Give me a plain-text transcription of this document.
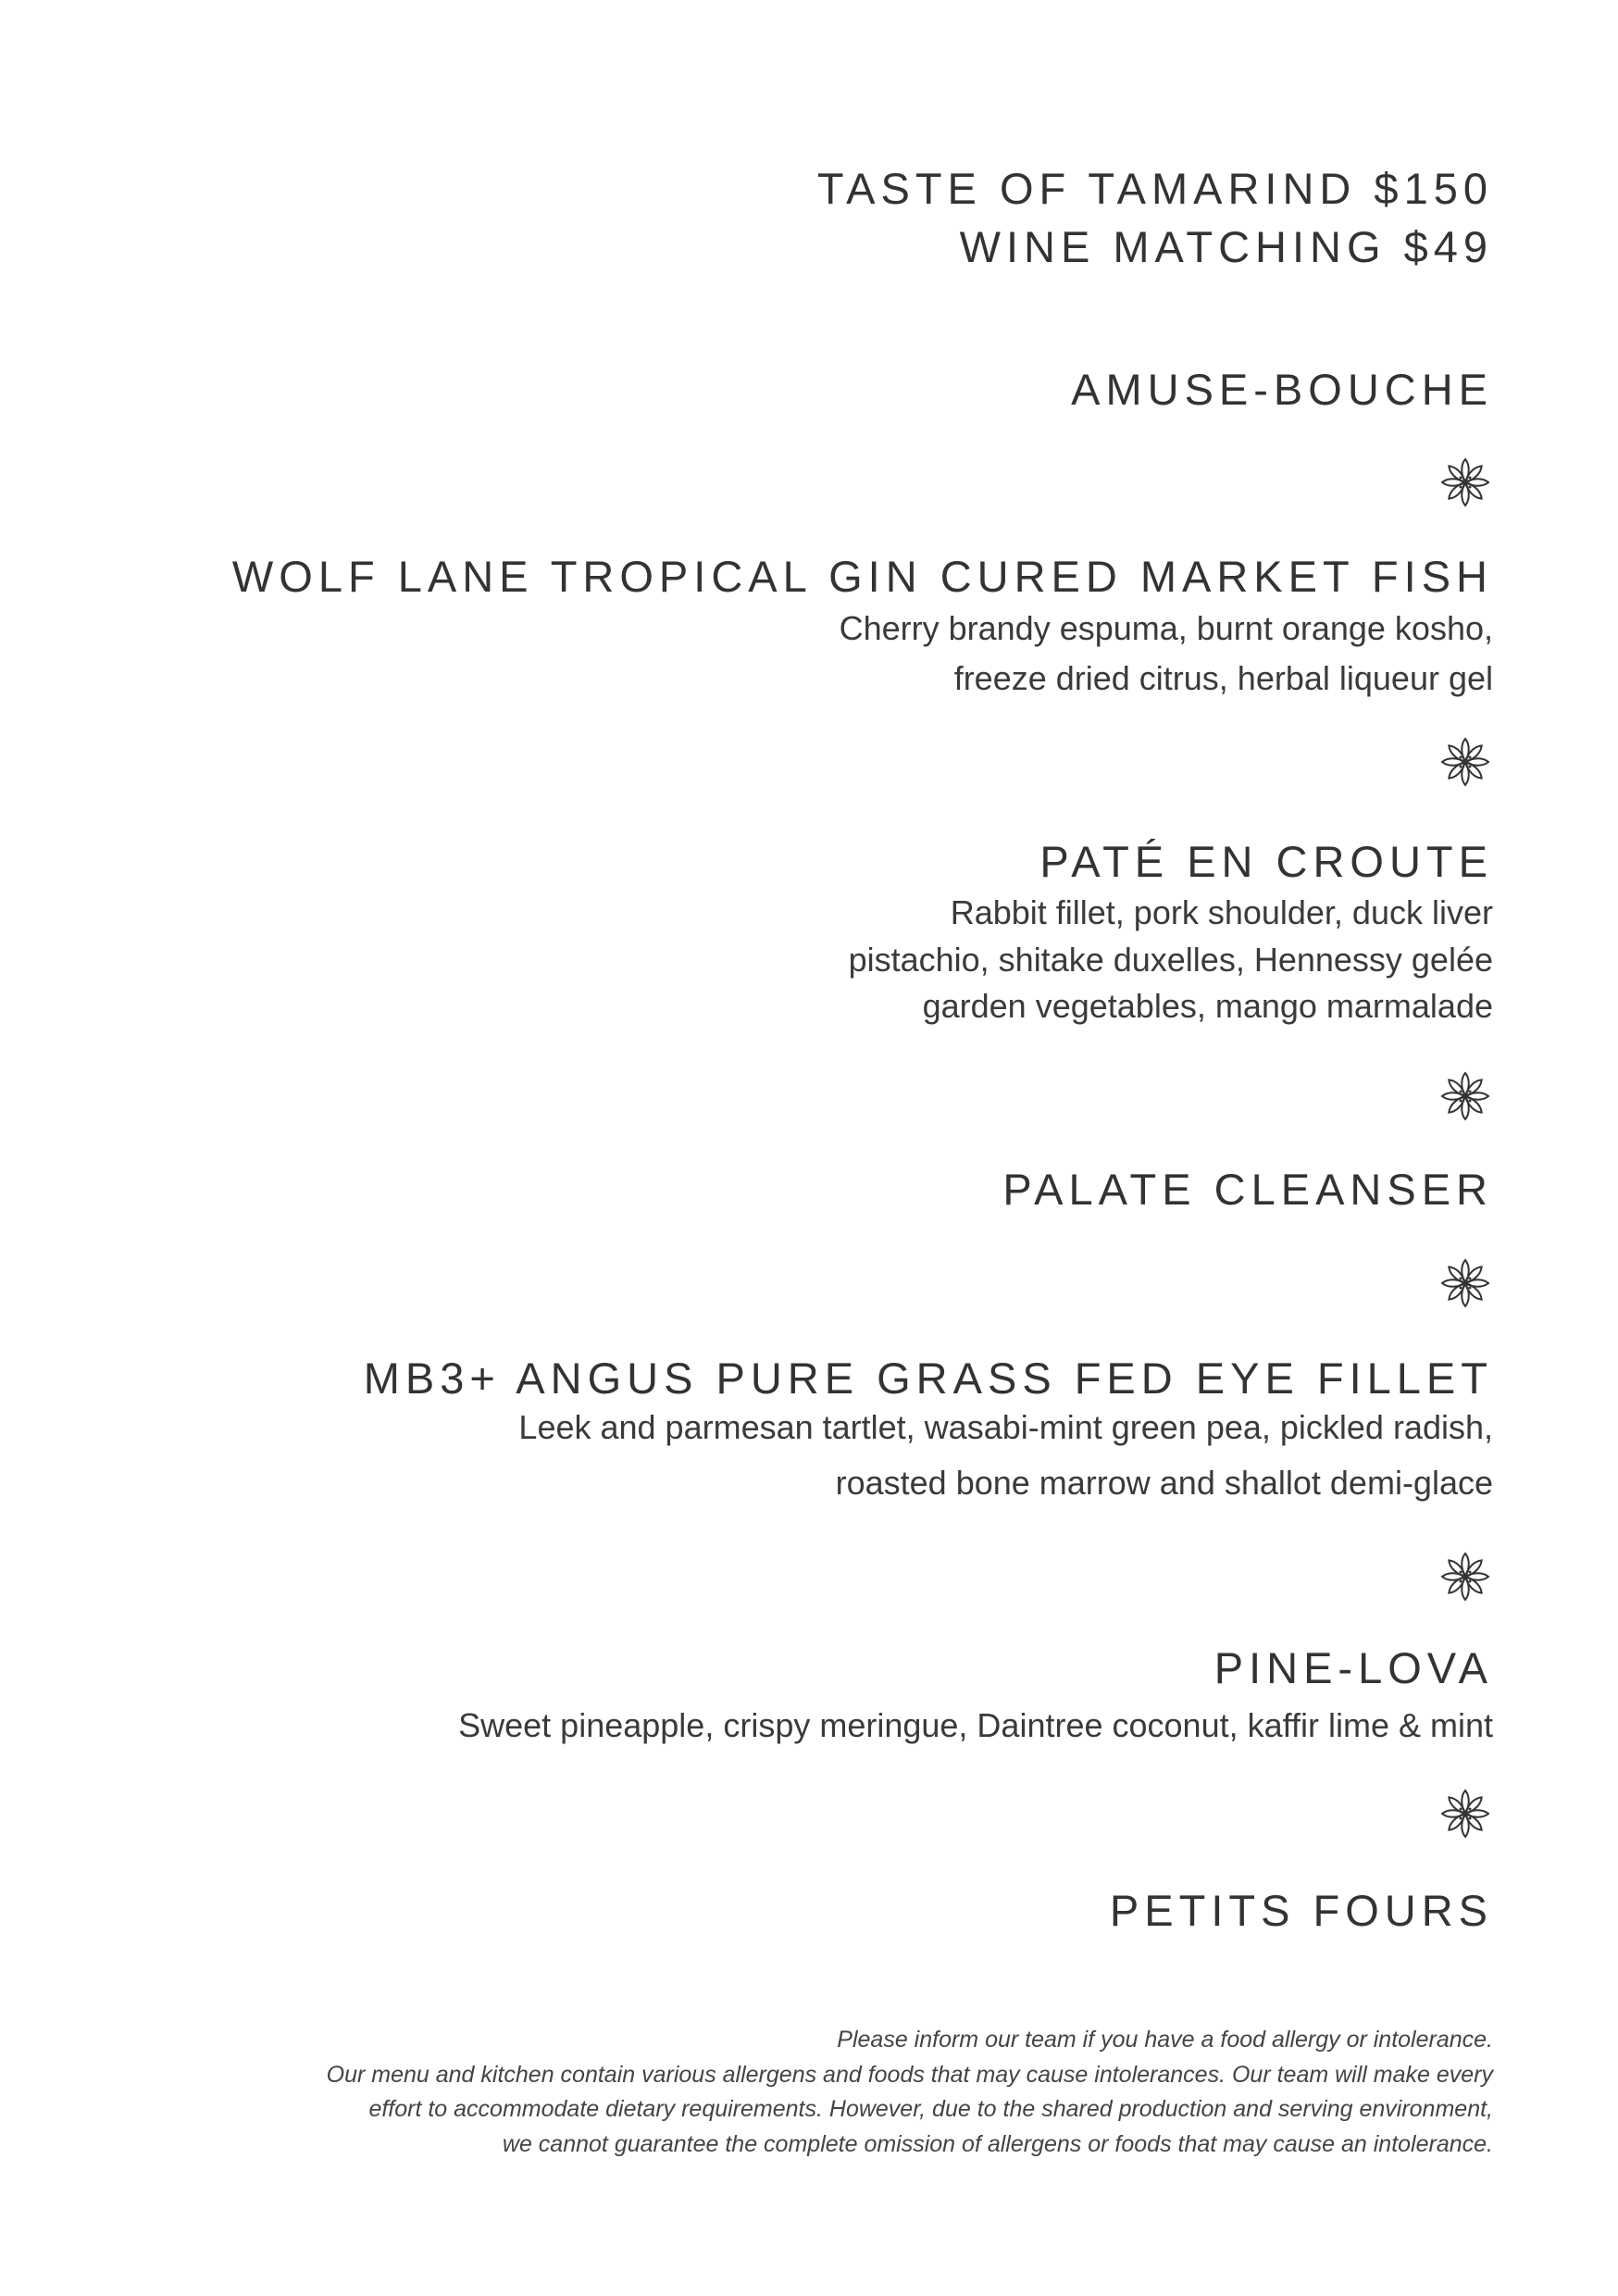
TASTE OF TAMARIND $150
WINE MATCHING $49
AMUSE-BOUCHE
WOLF LANE TROPICAL GIN CURED MARKET FISH
Cherry brandy espuma, burnt orange kosho,
freeze dried citrus, herbal liqueur gel
PATÉ EN CROUTE
Rabbit fillet, pork shoulder, duck liver
pistachio, shitake duxelles, Hennessy gelée
garden vegetables, mango marmalade
PALATE CLEANSER
MB3+ ANGUS PURE GRASS FED EYE FILLET
Leek and parmesan tartlet, wasabi-mint green pea, pickled radish,
roasted bone marrow and shallot demi-glace
PINE-LOVA
Sweet pineapple, crispy meringue, Daintree coconut, kaffir lime & mint
PETITS FOURS
Please inform our team if you have a food allergy or intolerance.
Our menu and kitchen contain various allergens and foods that may cause intolerances. Our team will make every
effort to accommodate dietary requirements. However, due to the shared production and serving environment,
we cannot guarantee the complete omission of allergens or foods that may cause an intolerance.
